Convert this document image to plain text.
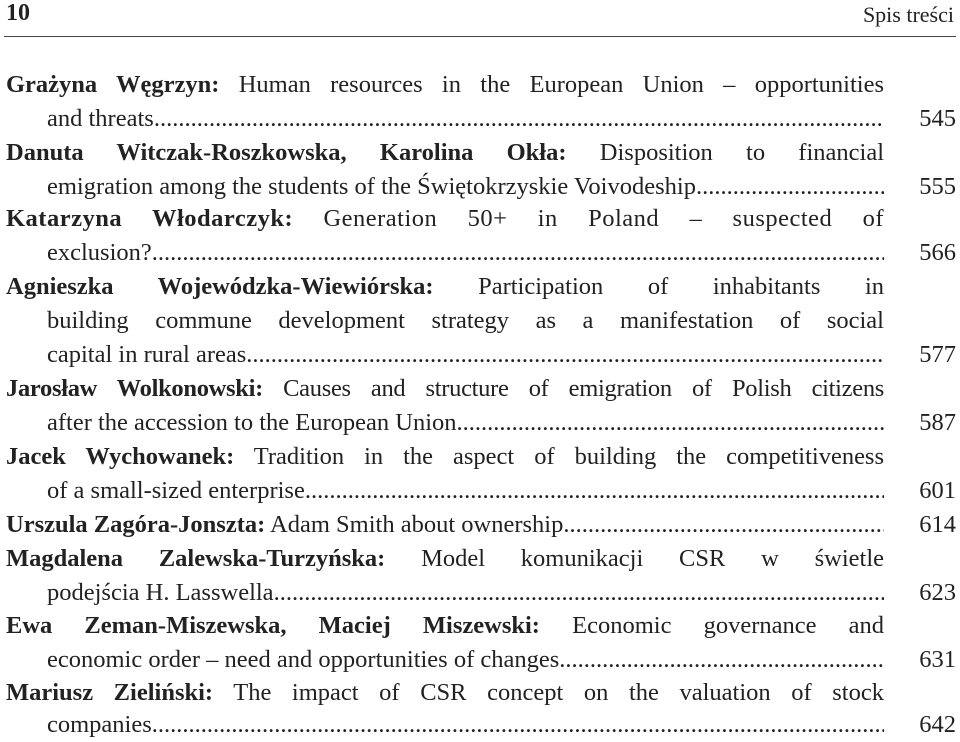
10	Spis treści
Grażyna Węgrzyn: Human resources in the European Union – opportunities
and threats .....	545
Danuta Witczak-Roszkowska, Karolina Okła: Disposition to financial
emigration among the students of the Świętokrzyskie Voivodeship .....	555
Katarzyna Włodarczyk: Generation 50+ in Poland – suspected of
exclusion? .....	566
Agnieszka Wojewódzka-Wiewiórska: Participation of inhabitants in
building commune development strategy as a manifestation of social
capital in rural areas .....	577
Jarosław Wolkonowski: Causes and structure of emigration of Polish citizens
after the accession to the European Union .....	587
Jacek Wychowanek: Tradition in the aspect of building the competitiveness
of a small-sized enterprise .....	601
Urszula Zagóra-Jonszta: Adam Smith about ownership .....	614
Magdalena Zalewska-Turzyńska: Model komunikacji CSR w świetle
podejścia H. Lasswella .....	623
Ewa Zeman-Miszewska, Maciej Miszewski: Economic governance and
economic order – need and opportunities of changes .....	631
Mariusz Zieliński: The impact of CSR concept on the valuation of stock
companies .....	642
